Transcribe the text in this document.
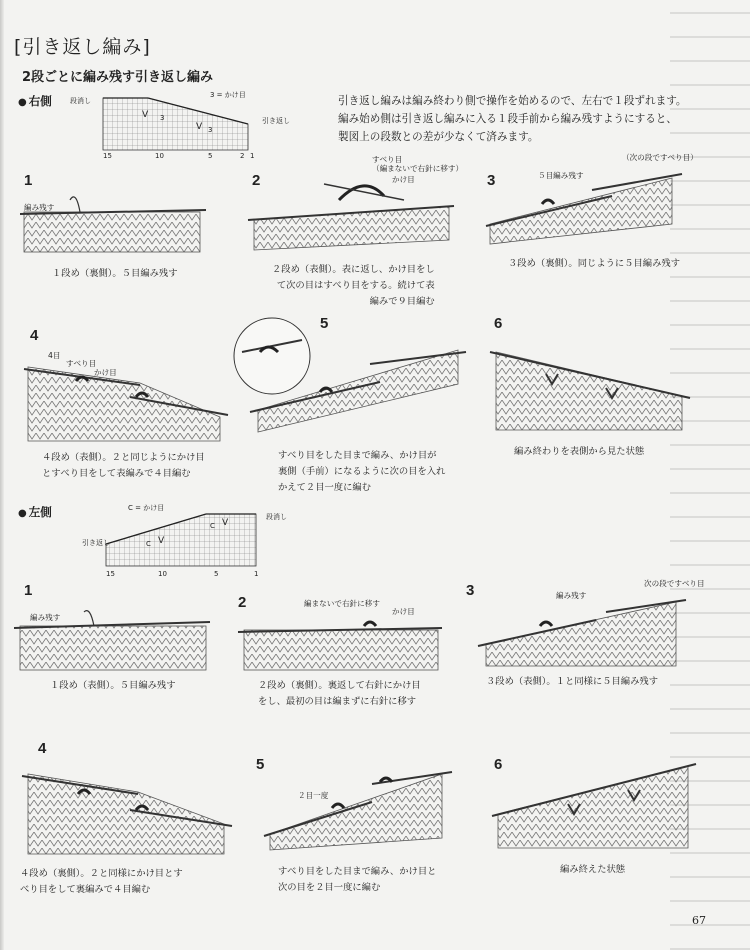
[引き返し編み]
2段ごとに編み残す引き返し編み
引き返し編みは編み終わり側で操作を始めるので、左右で１段ずれます。
編み始め側は引き返し編みに入る１段手前から編み残すようにすると、
製図上の段数との差が少なくて済みます。
● 右側	段消し
3 = かけ目
引き返し
V
V
3
3
15	10	5	2 1
1
編み残す
１段め（裏側）。５目編み残す
2
すべり目
（編まないで右針に移す）
かけ目
２段め（表側）。表に返し、かけ目をし
て次の目はすべり目をする。続けて表
編みで９目編む
3	５目編み残す
（次の段ですべり目）
３段め（裏側）。同じように５目編み残す
4
4目
すべり目
かけ目
４段め（表側）。２と同じようにかけ目
とすべり目をして表編みで４目編む
5
すべり目をした目まで編み、かけ目が
裏側（手前）になるように次の目を入れ
かえて２目一度に編む
6
編み終わりを表側から見た状態
● 左側	C = かけ目
段消し
引き返し	V
V
C
C
15	10	5	1
1
編み残す
１段め（表側）。５目編み残す
2	編まないで右針に移す
かけ目
２段め（裏側）。裏返して右針にかけ目
をし、最初の目は編まずに右針に移す
3	編み残す
次の段ですべり目
３段め（表側）。１と同様に５目編み残す
4
４段め（裏側）。２と同様にかけ目とす
べり目をして裏編みで４目編む
5
２目一度
すべり目をした目まで編み、かけ目と
次の目を２目一度に編む
6
編み終えた状態
67
